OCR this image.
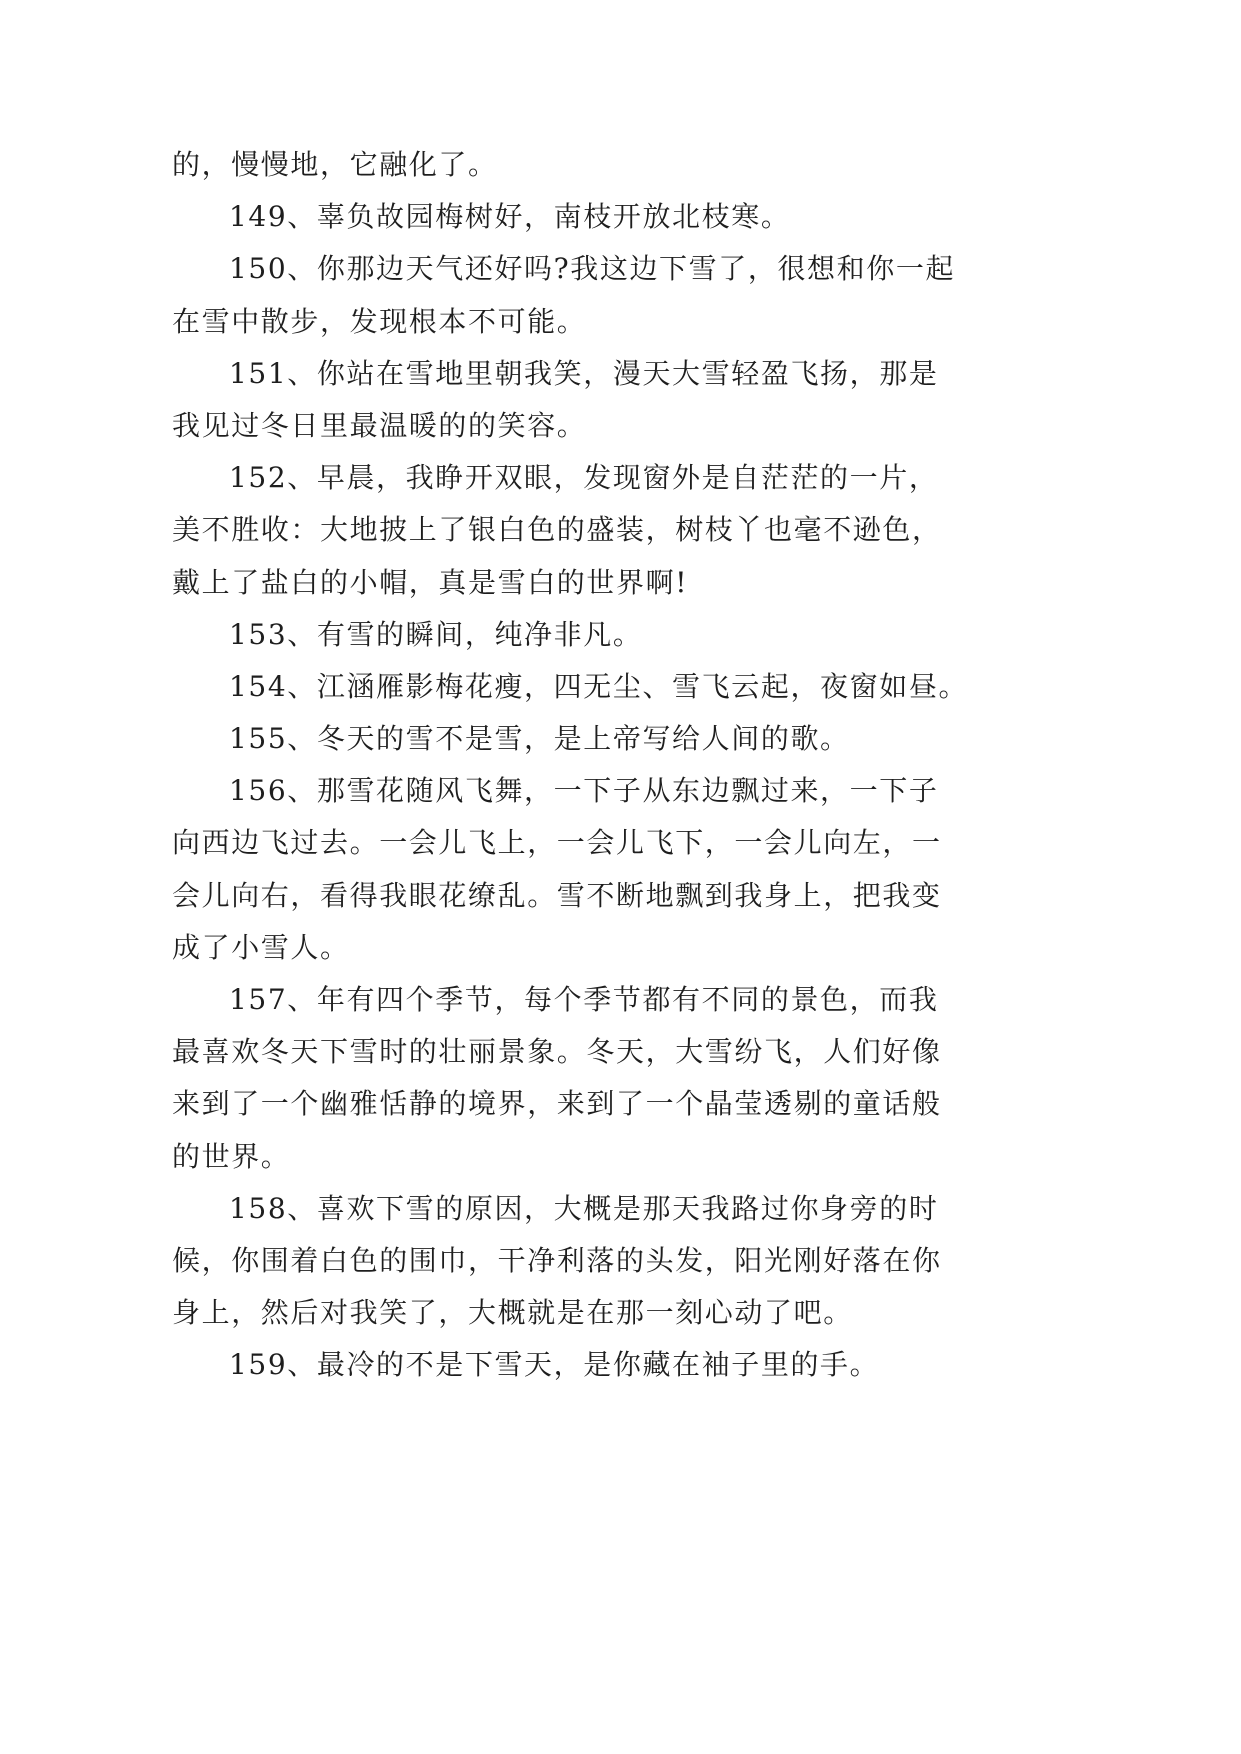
的，慢慢地，它融化了。
149、辜负故园梅树好，南枝开放北枝寒。
150、你那边天气还好吗?我这边下雪了，很想和你一起
在雪中散步，发现根本不可能。
151、你站在雪地里朝我笑，漫天大雪轻盈飞扬，那是
我见过冬日里最温暖的的笑容。
152、早晨，我睁开双眼，发现窗外是自茫茫的一片，
美不胜收：大地披上了银白色的盛装，树枝丫也毫不逊色，
戴上了盐白的小帽，真是雪白的世界啊!
153、有雪的瞬间，纯净非凡。
154、江涵雁影梅花瘦，四无尘、雪飞云起，夜窗如昼。
155、冬天的雪不是雪，是上帝写给人间的歌。
156、那雪花随风飞舞，一下子从东边飘过来，一下子
向西边飞过去。一会儿飞上，一会儿飞下，一会儿向左，一
会儿向右，看得我眼花缭乱。雪不断地飘到我身上，把我变
成了小雪人。
157、年有四个季节，每个季节都有不同的景色，而我
最喜欢冬天下雪时的壮丽景象。冬天，大雪纷飞，人们好像
来到了一个幽雅恬静的境界，来到了一个晶莹透剔的童话般
的世界。
158、喜欢下雪的原因，大概是那天我路过你身旁的时
候，你围着白色的围巾，干净利落的头发，阳光刚好落在你
身上，然后对我笑了，大概就是在那一刻心动了吧。
159、最冷的不是下雪天，是你藏在袖子里的手。
